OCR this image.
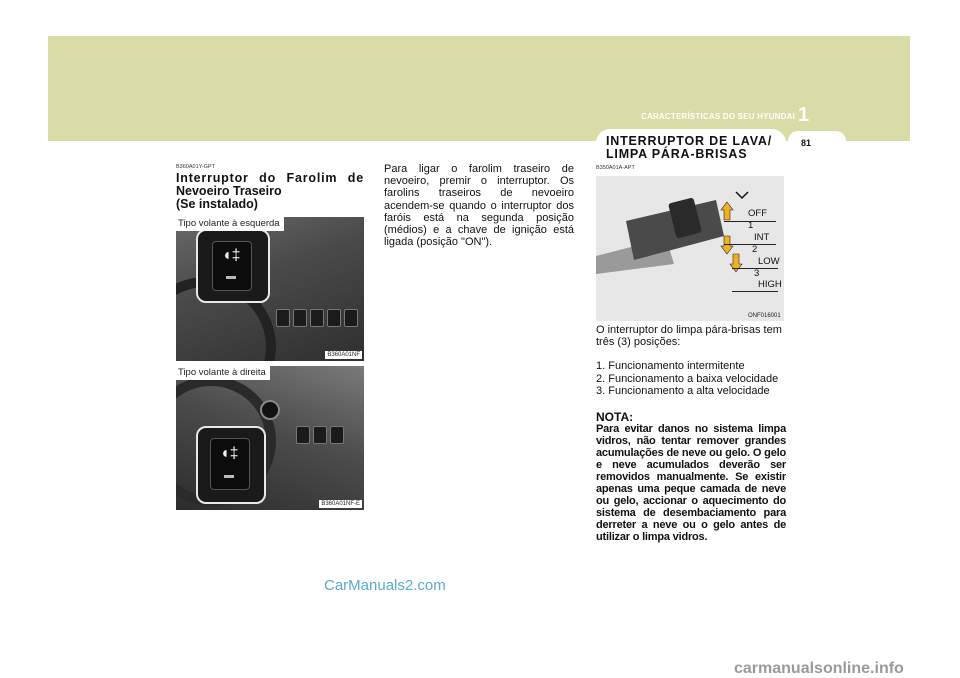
CARACTERÍSTICAS DO SEU HYUNDAI 1
81
B360A01Y-GPT
Interruptor do Farolim de
Nevoeiro Traseiro
(Se instalado)
◖‡
Tipo volante à esquerda
B360A01NF
◖‡
Tipo volante à direita
B360A01NF-E
Para ligar o farolim traseiro de nevoeiro, premir o interruptor. Os farolins traseiros de nevoeiro acendem-se quando o interruptor dos faróis está na segunda posição (médios) e a chave de ignição está ligada (posição "ON").
INTERRUPTOR DE LAVA/
LIMPA PÁRA-BRISAS
B350A01A-APT
OFF
1
INT
2
LOW
3
HIGH
ONF016001

O interruptor do limpa pára-brisas tem três (3) posições:

1. Funcionamento intermitente
2. Funcionamento a baixa velocidade
3. Funcionamento a alta velocidade
NOTA:
Para evitar danos no sistema limpa vidros, não tentar remover grandes acumulações de neve ou gelo. O gelo e neve acumulados deverão ser removidos manualmente. Se existir apenas uma peque camada de neve ou gelo, accionar o aquecimento do sistema de desembaciamento para derreter a neve ou o gelo antes de utilizar o limpa vidros.
CarManuals2.com
carmanualsonline.info
